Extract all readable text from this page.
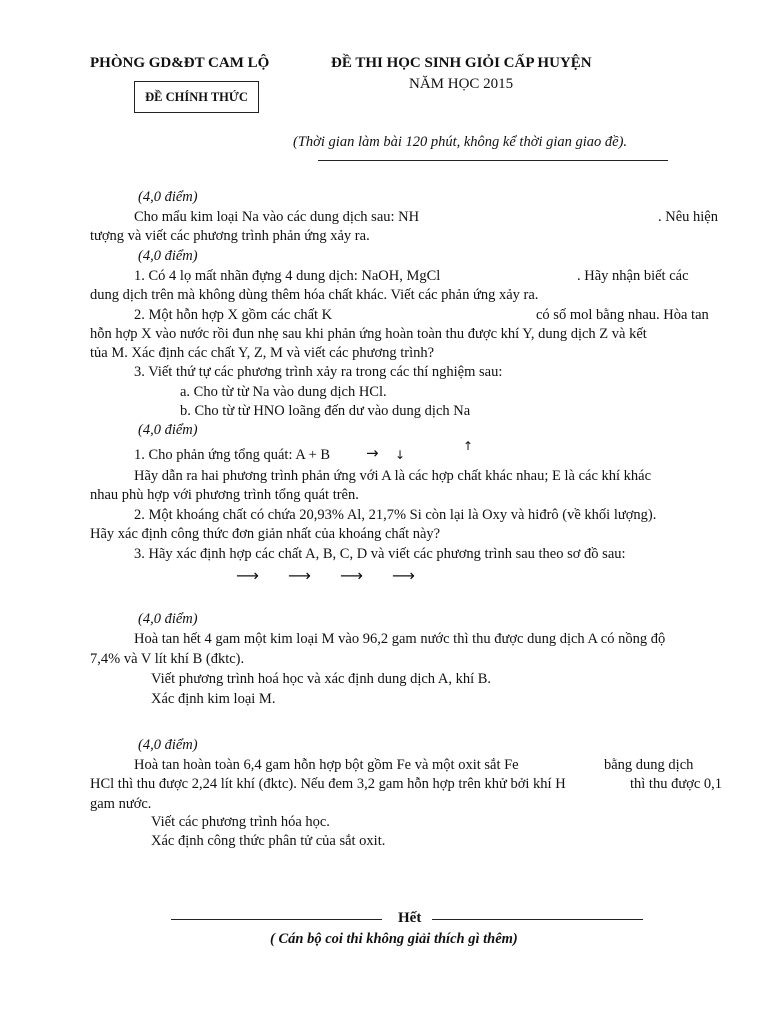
PHÒNG GD&ĐT CAM LỘ	ĐỀ THI HỌC SINH GIỎI CẤP HUYỆN
NĂM HỌC 2015
ĐỀ CHÍNH THỨC
(Thời gian làm bài 120 phút, không kể thời gian giao đề).
(4,0 điểm)
Cho mẩu kim loại Na vào các dung dịch sau: NH	. Nêu hiện
tượng và viết các phương trình phản ứng xảy ra.
(4,0 điểm)
1. Có 4 lọ mất nhãn đựng 4 dung dịch: NaOH, MgCl	. Hãy nhận biết các
dung dịch trên mà không dùng thêm hóa chất khác. Viết các phản ứng xảy ra.
2. Một hỗn hợp X gồm các chất K	có số mol bằng nhau. Hòa tan
hỗn hợp X vào nước rồi đun nhẹ sau khi phản ứng hoàn toàn thu được khí Y, dung dịch Z và kết
tủa M. Xác định các chất Y, Z, M và viết các phương trình?
3. Viết thứ tự các phương trình xảy ra trong các thí nghiệm sau:
a. Cho từ từ Na vào dung dịch HCl.
b. Cho từ từ HNO loãng đến dư vào dung dịch Na
(4,0 điểm)
1. Cho phản ứng tổng quát: A + B → ↓
↑
Hãy dẫn ra hai phương trình phản ứng với A là các hợp chất khác nhau; E là các khí khác
nhau phù hợp với phương trình tổng quát trên.
2. Một khoáng chất có chứa 20,93% Al, 21,7% Si còn lại là Oxy và hiđrô (về khối lượng).
Hãy xác định công thức đơn giản nhất của khoáng chất này?
3. Hãy xác định hợp các chất A, B, C, D và viết các phương trình sau theo sơ đồ sau:
⟶ ⟶ ⟶ ⟶
(4,0 điểm)
Hoà tan hết 4 gam một kim loại M vào 96,2 gam nước thì thu được dung dịch A có nồng độ
7,4% và V lít khí B (đktc).
Viết phương trình hoá học và xác định dung dịch A, khí B.
Xác định kim loại M.
(4,0 điểm)
Hoà tan hoàn toàn 6,4 gam hỗn hợp bột gồm Fe và một oxit sắt Fe	bằng dung dịch
HCl thì thu được 2,24 lít khí (đktc). Nếu đem 3,2 gam hỗn hợp trên khử bởi khí H	thì thu được 0,1
gam nước.
Viết các phương trình hóa học.
Xác định công thức phân tử của sắt oxit.
Hết
( Cán bộ coi thi không giải thích gì thêm)
